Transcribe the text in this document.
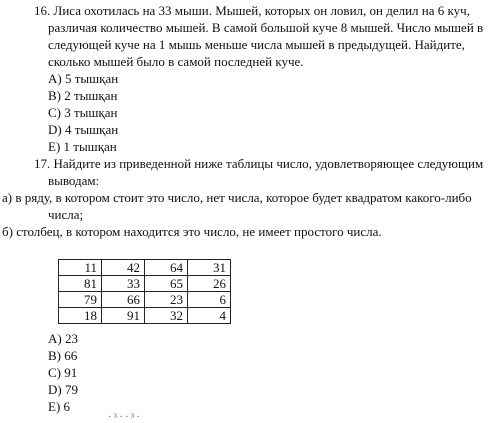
16. Лиса охотилась на 33 мыши. Мышей, которых он ловил, он делил на 6 куч,
различая количество мышей. В самой большой куче 8 мышей. Число мышей в
следующей куче на 1 мышь меньше числа мышей в предыдущей. Найдите,
сколько мышей было в самой последней куче.
А) 5 тышқан
В) 2 тышқан
С) 3 тышқан
D) 4 тышқан
Е) 1 тышқан
17. Найдите из приведенной ниже таблицы число, удовлетворяющее следующим
выводам:
а) в ряду, в котором стоит это число, нет числа, которое будет квадратом какого-либо
числа;
б) столбец, в котором находится это число, не имеет простого числа.
11	42	64	31
81	33	65	26
79	66	23	6
18	91	32	4
А) 23
В) 66
С) 91
D) 79
Е) 6
· ³ · · ³ ·
